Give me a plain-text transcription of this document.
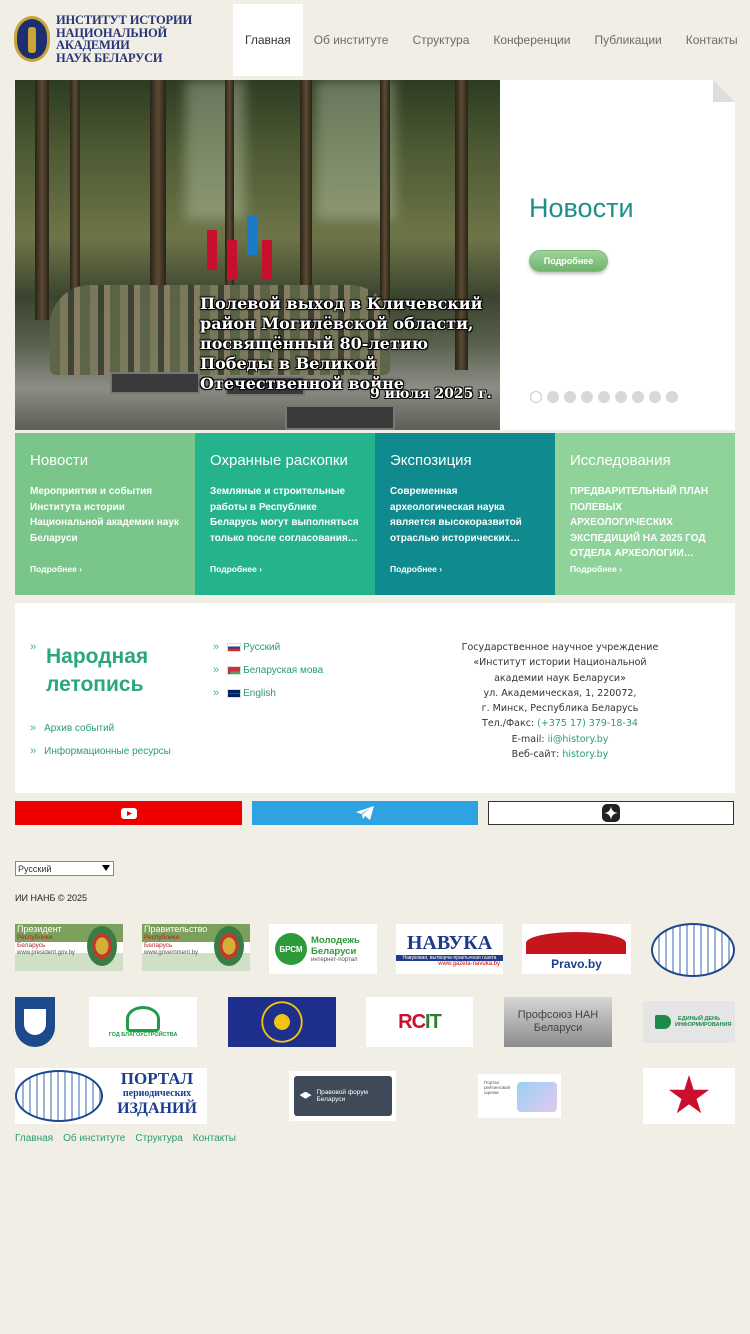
ИНСТИТУТ ИСТОРИИ
НАЦИОНАЛЬНОЙ АКАДЕМИИ
НАУК БЕЛАРУСИ
Главная	Об институте	Структура	Конференции	Публикации	Контакты
Полевой выход в Кличевский район Могилёвской области, посвящённый 80-летию Победы в Великой Отечественной войне
9 июля 2025 г.
Новости
Подробнее
Новости
Мероприятия и события Института истории Национальной академии наук Беларуси
Подробнее ›
Охранные раскопки
Земляные и строительные работы в Республике Беларусь могут выполняться только после согласования…
Подробнее ›
Экспозиция
Современная археологическая наука является высокоразвитой отраслью исторических…
Подробнее ›
Исследования
ПРЕДВАРИТЕЛЬНЫЙ ПЛАН ПОЛЕВЫХ АРХЕОЛОГИЧЕСКИХ ЭКСПЕДИЦИЙ НА 2025 ГОД ОТДЕЛА АРХЕОЛОГИИ…
Подробнее ›
» Народная летопись
» Архив событий
» Информационные ресурсы
» Русский
» Беларуская мова
» English
Государственное научное учреждение
«Институт истории Национальной
академии наук Беларуси»
ул. Академическая, 1, 220072,
г. Минск, Республика Беларусь
Тел./Факс: (+375 17) 379-18-34
E-mail: ii@history.by
Веб-сайт: history.by
Русский
ИИ НАНБ © 2025
Президент
Республики Беларусь
www.president.gov.by
Правительство
Республики Беларусь
www.government.by	БРСМ
Молодежь Беларуси
интернет-портал
НАВУКА
Навуковая, вытворча-практычная газета
www.gazeta-navuka.by	Pravo.by
ГОД БЛАГОУСТРОЙСТВА
RCIT	Профсоюз НАН Беларуси
ЕДИНЫЙ ДЕНЬ ИНФОРМИРОВАНИЯ
ПОРТАЛ
периодических
ИЗДАНИЙ
Правовой форум Беларуси
Портал рейтинговой оценки
Главная Об институте Структура Контакты
